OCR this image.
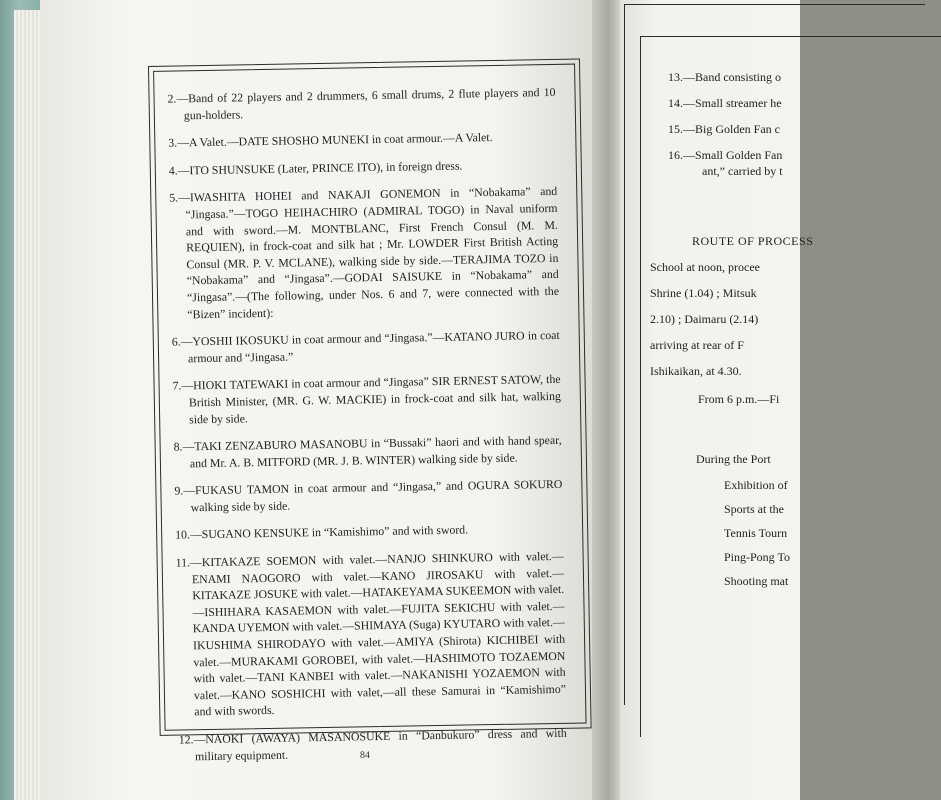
2.—Band of 22 players and 2 drummers, 6 small drums, 2 flute players and 10 gun-holders.

3.—A Valet.—DATE SHOSHO MUNEKI in coat armour.—A Valet.

4.—ITO SHUNSUKE (Later, PRINCE ITO), in foreign dress.

5.—IWASHITA HOHEI and NAKAJI GONEMON in “Nobakama” and “Jingasa.”—TOGO HEIHACHIRO (ADMIRAL TOGO) in Naval uniform and with sword.—M. MONTBLANC, First French Consul (M. M. REQUIEN), in frock-coat and silk hat ; Mr. LOWDER First British Acting Consul (MR. P. V. MCLANE), walking side by side.—TERAJIMA TOZO in “Nobakama” and “Jingasa”.—GODAI SAISUKE in “Nobakama” and “Jingasa”.—(The following, under Nos. 6 and 7, were connected with the “Bizen” incident):

6.—YOSHII IKOSUKU in coat armour and “Jingasa.”—KATANO JURO in coat armour and “Jingasa.”

7.—HIOKI TATEWAKI in coat armour and “Jingasa” SIR ERNEST SATOW, the British Minister, (MR. G. W. MACKIE) in frock-coat and silk hat, walking side by side.

8.—TAKI ZENZABURO MASANOBU in “Bussaki” haori and with hand spear, and Mr. A. B. MITFORD (MR. J. B. WINTER) walking side by side.

9.—FUKASU TAMON in coat armour and “Jingasa,” and OGURA SOKURO walking side by side.

10.—SUGANO KENSUKE in “Kamishimo” and with sword.

11.—KITAKAZE SOEMON with valet.—NANJO SHINKURO with valet.—ENAMI NAOGORO with valet.—KANO JIROSAKU with valet.—KITAKAZE JOSUKE with valet.—HATAKEYAMA SUKEEMON with valet.—ISHIHARA KASAEMON with valet.—FUJITA SEKICHU with valet.—KANDA UYEMON with valet.—SHIMAYA (Suga) KYUTARO with valet.—IKUSHIMA SHIRODAYO with valet.—AMIYA (Shirota) KICHIBEI with valet.—MURAKAMI GOROBEI, with valet.—HASHIMOTO TOZAEMON with valet.—TANI KANBEI with valet.—NAKANISHI YOZAEMON with valet.—KANO SOSHICHI with valet,—all these Samurai in “Kamishimo” and with swords.

12.—NAOKI (AWAYA) MASANOSUKE in “Danbukuro” dress and with military equipment.	84
13.—Band consisting o
14.—Small streamer he
15.—Big Golden Fan c
16.—Small Golden Fan
ant,” carried by t
ROUTE OF PROCESS
School at noon, procee
Shrine (1.04) ; Mitsuk
2.10) ; Daimaru (2.14)
arriving at rear of F
Ishikaikan, at 4.30.
From 6 p.m.—Fi
During the Port
Exhibition of
Sports at the
Tennis Tourn
Ping-Pong To
Shooting mat
